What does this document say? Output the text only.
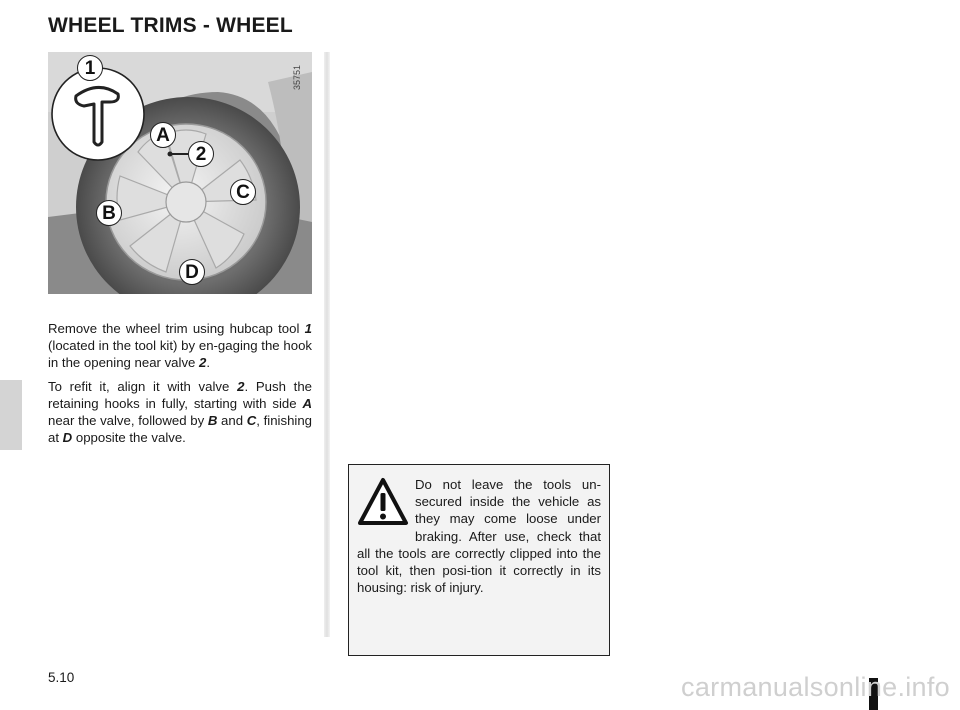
WHEEL TRIMS - WHEEL
1
A
2
C
B
D
35751

Remove the wheel trim using hubcap tool 1 (located in the tool kit) by en-gaging the hook in the opening near valve 2.

To refit it, align it with valve 2. Push the retaining hooks in fully, starting with side A near the valve, followed by B and C, finishing at D opposite the valve.

Do not leave the tools un-secured inside the vehicle as they may come loose under braking. After use, check that all the tools are correctly clipped into the tool kit, then posi-tion it correctly in its housing: risk of injury.
5.10	carmanualsonline.info
